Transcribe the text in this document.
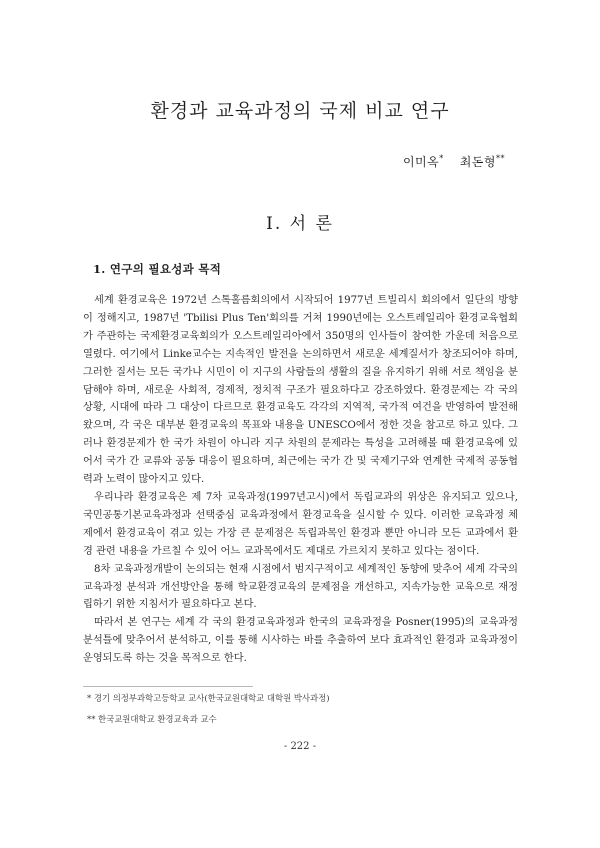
환경과 교육과정의 국제 비교 연구
이미옥* 최돈형**
Ⅰ. 서 론
1. 연구의 필요성과 목적

세계 환경교육은 1972년 스톡홀름회의에서 시작되어 1977년 트빌리시 회의에서 일단의 방향이 정해지고, 1987년 'Tbilisi Plus Ten'회의를 거쳐 1990년에는 오스트레일리아 환경교육협회가 주관하는 국제환경교육회의가 오스트레일리아에서 350명의 인사들이 참여한 가운데 처음으로 열렸다. 여기에서 Linke교수는 지속적인 발전을 논의하면서 새로운 세계질서가 창조되어야 하며, 그러한 질서는 모든 국가나 시민이 이 지구의 사람들의 생활의 질을 유지하기 위해 서로 책임을 분담해야 하며, 새로운 사회적, 경제적, 정치적 구조가 필요하다고 강조하였다. 환경문제는 각 국의 상황, 시대에 따라 그 대상이 다르므로 환경교육도 각각의 지역적, 국가적 여건을 반영하여 발전해 왔으며, 각 국은 대부분 환경교육의 목표와 내용을 UNESCO에서 정한 것을 참고로 하고 있다. 그러나 환경문제가 한 국가 차원이 아니라 지구 차원의 문제라는 특성을 고려해볼 때 환경교육에 있어서 국가 간 교류와 공동 대응이 필요하며, 최근에는 국가 간 및 국제기구와 연계한 국제적 공동협력과 노력이 많아지고 있다.

우리나라 환경교육은 제 7차 교육과정(1997년고시)에서 독립교과의 위상은 유지되고 있으나, 국민공통기본교육과정과 선택중심 교육과정에서 환경교육을 실시할 수 있다. 이러한 교육과정 체제에서 환경교육이 겪고 있는 가장 큰 문제점은 독립과목인 환경과 뿐만 아니라 모든 교과에서 환경 관련 내용을 가르칠 수 있어 어느 교과목에서도 제대로 가르치지 못하고 있다는 점이다.

8차 교육과정개발이 논의되는 현재 시점에서 범지구적이고 세계적인 동향에 맞추어 세계 각국의 교육과정 분석과 개선방안을 통해 학교환경교육의 문제점을 개선하고, 지속가능한 교육으로 재정립하기 위한 지침서가 필요하다고 본다.

따라서 본 연구는 세계 각 국의 환경교육과정과 한국의 교육과정을 Posner(1995)의 교육과정 분석틀에 맞추어서 분석하고, 이를 통해 시사하는 바를 추출하여 보다 효과적인 환경과 교육과정이 운영되도록 하는 것을 목적으로 한다.

* 경기 의정부과학고등학교 교사(한국교원대학교 대학원 박사과정)
** 한국교원대학교 환경교육과 교수
- 222 -
